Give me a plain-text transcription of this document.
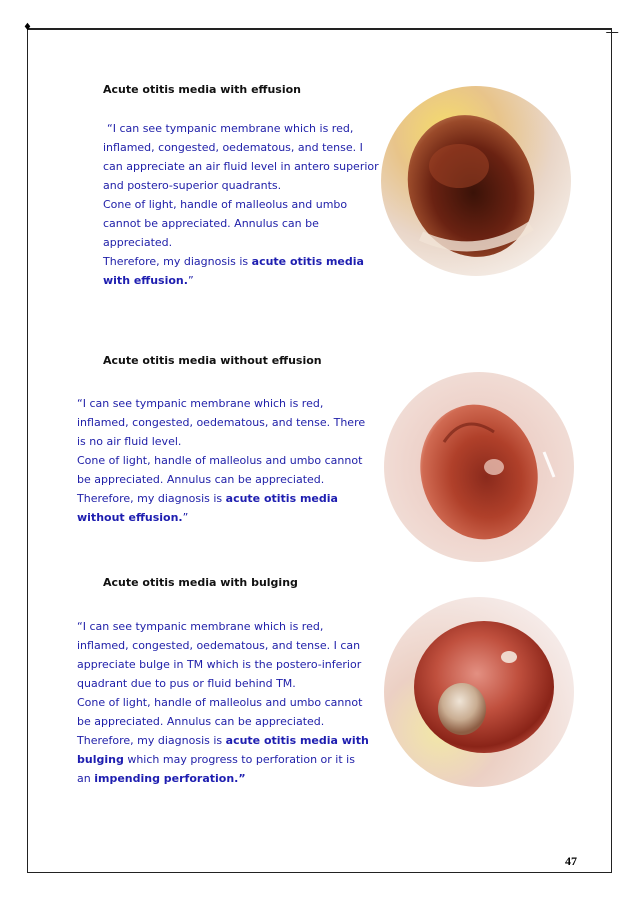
♦
Acute otitis media with effusion
“I can see tympanic membrane which is red,
inflamed, congested, oedematous, and tense. I
can appreciate an air fluid level in antero superior
and postero-superior quadrants.
Cone of light, handle of malleolus and umbo
cannot be appreciated. Annulus can be
appreciated.
Therefore, my diagnosis is acute otitis media
with effusion.”
Acute otitis media without effusion
“I can see tympanic membrane which is red,
inflamed, congested, oedematous, and tense. There
is no air fluid level.
Cone of light, handle of malleolus and umbo cannot
be appreciated. Annulus can be appreciated.
Therefore, my diagnosis is acute otitis media
without effusion.”
Acute otitis media with bulging
“I can see tympanic membrane which is red,
inflamed, congested, oedematous, and tense. I can
appreciate bulge in TM which is the postero-inferior
quadrant due to pus or fluid behind TM.
Cone of light, handle of malleolus and umbo cannot
be appreciated. Annulus can be appreciated.
Therefore, my diagnosis is acute otitis media with
bulging which may progress to perforation or it is
an impending perforation.”
47
